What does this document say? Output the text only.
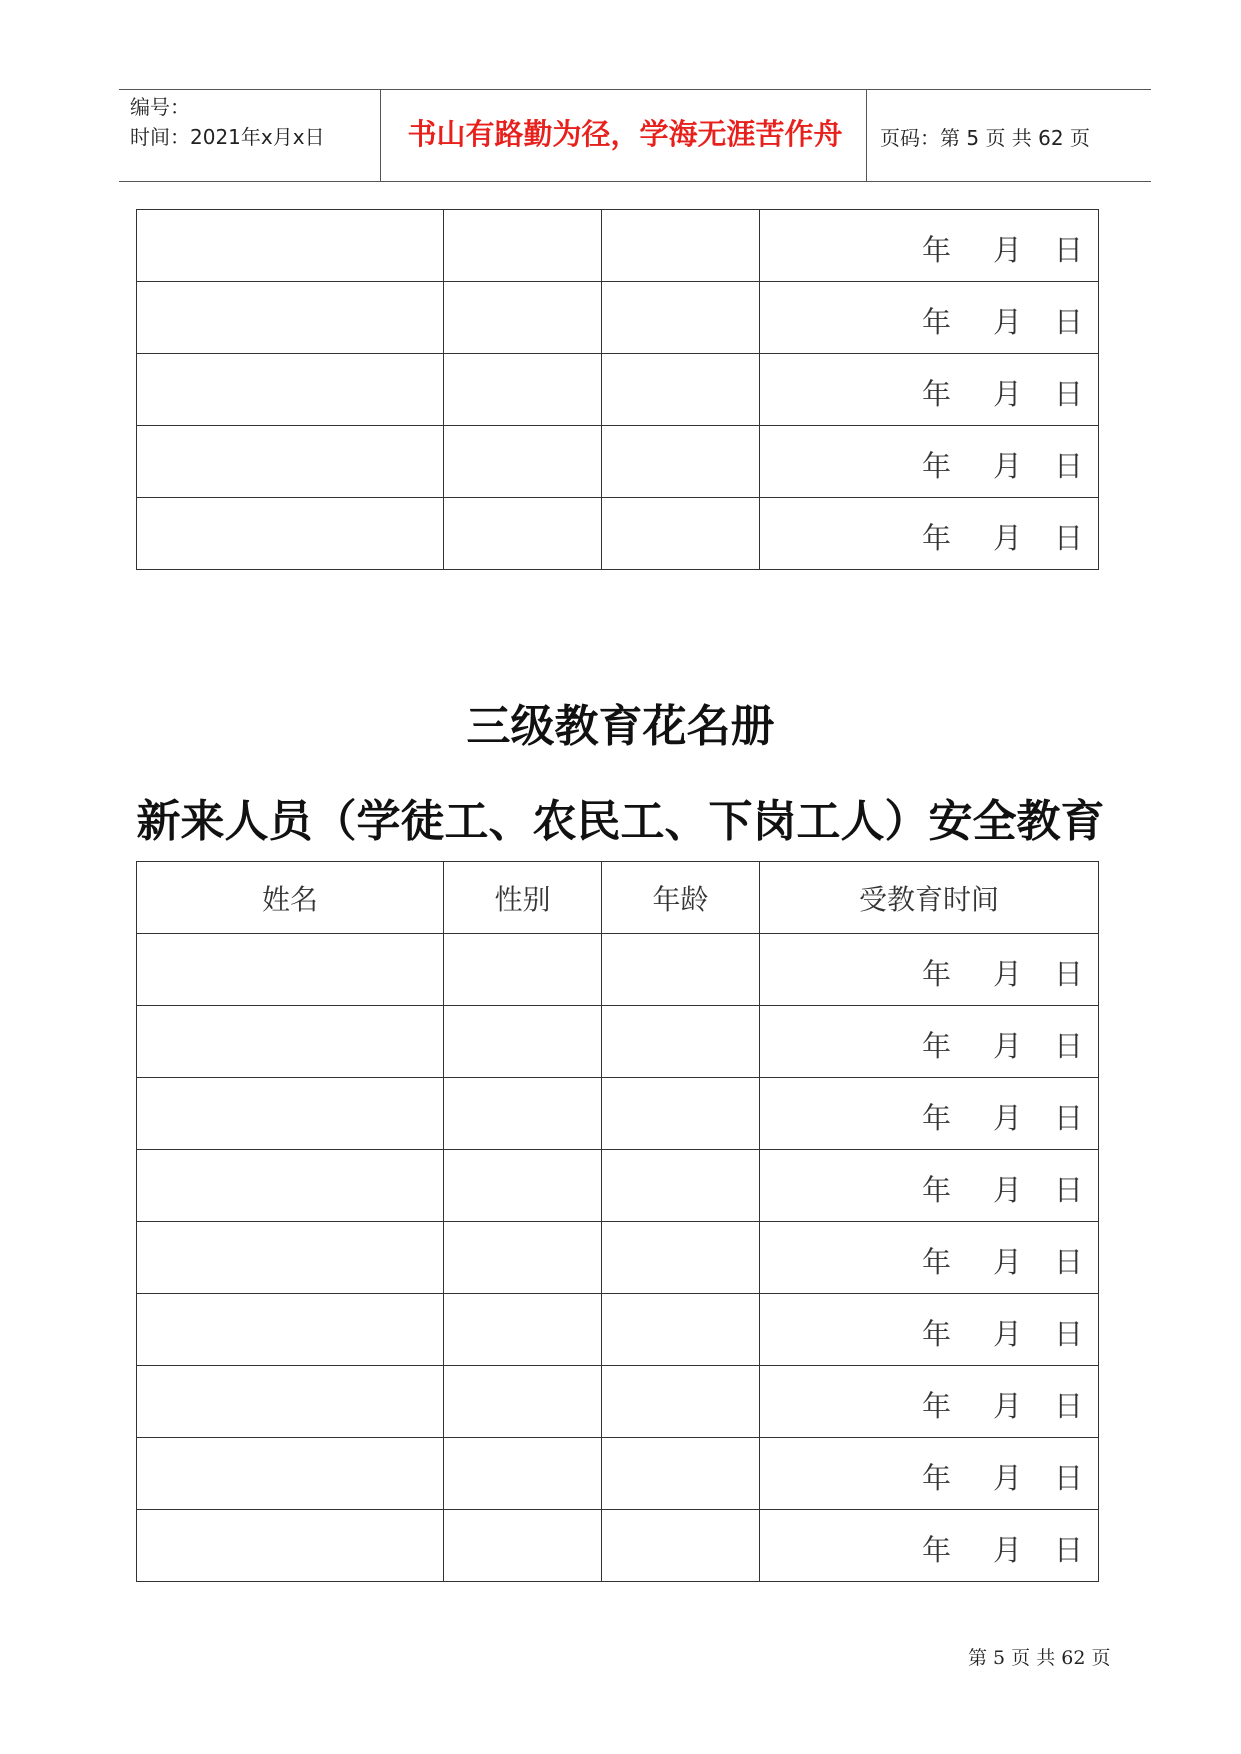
编号：
时间：2021年x月x日	书山有路勤为径，学海无涯苦作舟	页码：第 5 页 共 62 页

			年 月 日

			年 月 日

			年 月 日

			年 月 日

			年 月 日
三级教育花名册
新来人员（学徒工、农民工、下岗工人）安全教育
姓名	性别	年龄	受教育时间

			年 月 日

			年 月 日

			年 月 日

			年 月 日

			年 月 日

			年 月 日

			年 月 日

			年 月 日

			年 月 日
第 5 页 共 62 页
